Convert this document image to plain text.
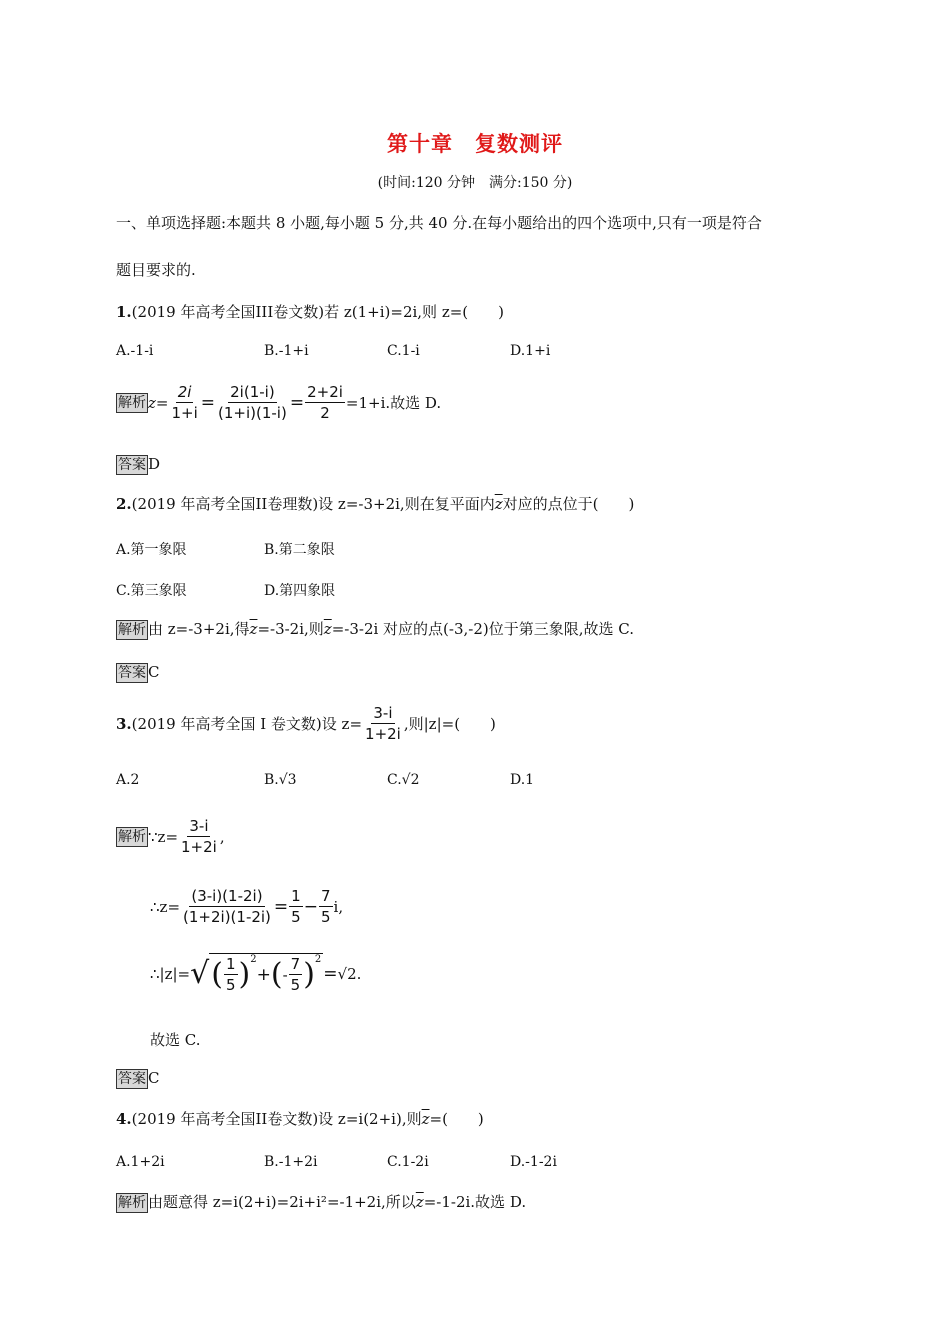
第十章　复数测评
(时间:120 分钟　满分:150 分)
一、单项选择题:本题共 8 小题,每小题 5 分,共 40 分.在每小题给出的四个选项中,只有一项是符合
题目要求的.
1.(2019 年高考全国III卷文数)若 z(1+i)=2i,则 z=(　　)
A.-1-i	B.-1+i	C.1-i	D.1+i
解析 $z= \frac{2i}{1+i} = \frac{2i(1-i)}{(1+i)(1-i)} = \frac{2+2i}{2} =1+i$.故选 D.
答案 D
2.(2019 年高考全国II卷理数)设 z=-3+2i,则在复平面内$\overline{z}$对应的点位于(　　)
A.第一象限	B.第二象限
C.第三象限	D.第四象限
解析 由 z=-3+2i,得$\overline{z}=-3-2i$,则$\overline{z}=-3-2i$ 对应的点(-3,-2)位于第三象限,故选 C.
答案 C
3. (2019 年高考全国 I 卷文数)设 $z= \frac{3-i}{1+2i}$ ,则|z|=(　　)
A.2	B.√3	C.√2	D.1
解析 ∵z= $\frac{3-i}{1+2i}$ ,
∴z= $\frac{(3-i)(1-2i)}{(1+2i)(1-2i)} = \frac{1}{5} - \frac{7}{5} i$,
∴|z|= √ ( $\frac{1}{5} )^2$
+ ( - $\frac{7}{5} )^2$
= √2.
故选 C.
答案 C
4.(2019 年高考全国II卷文数)设 z=i(2+i),则$\overline{z}=$(　　)
A.1+2i	B.-1+2i	C.1-2i	D.-1-2i
解析 由题意得 z=i(2+i)=2i+i²=-1+2i,所以$\overline{z}=-1-2i$.故选 D.
